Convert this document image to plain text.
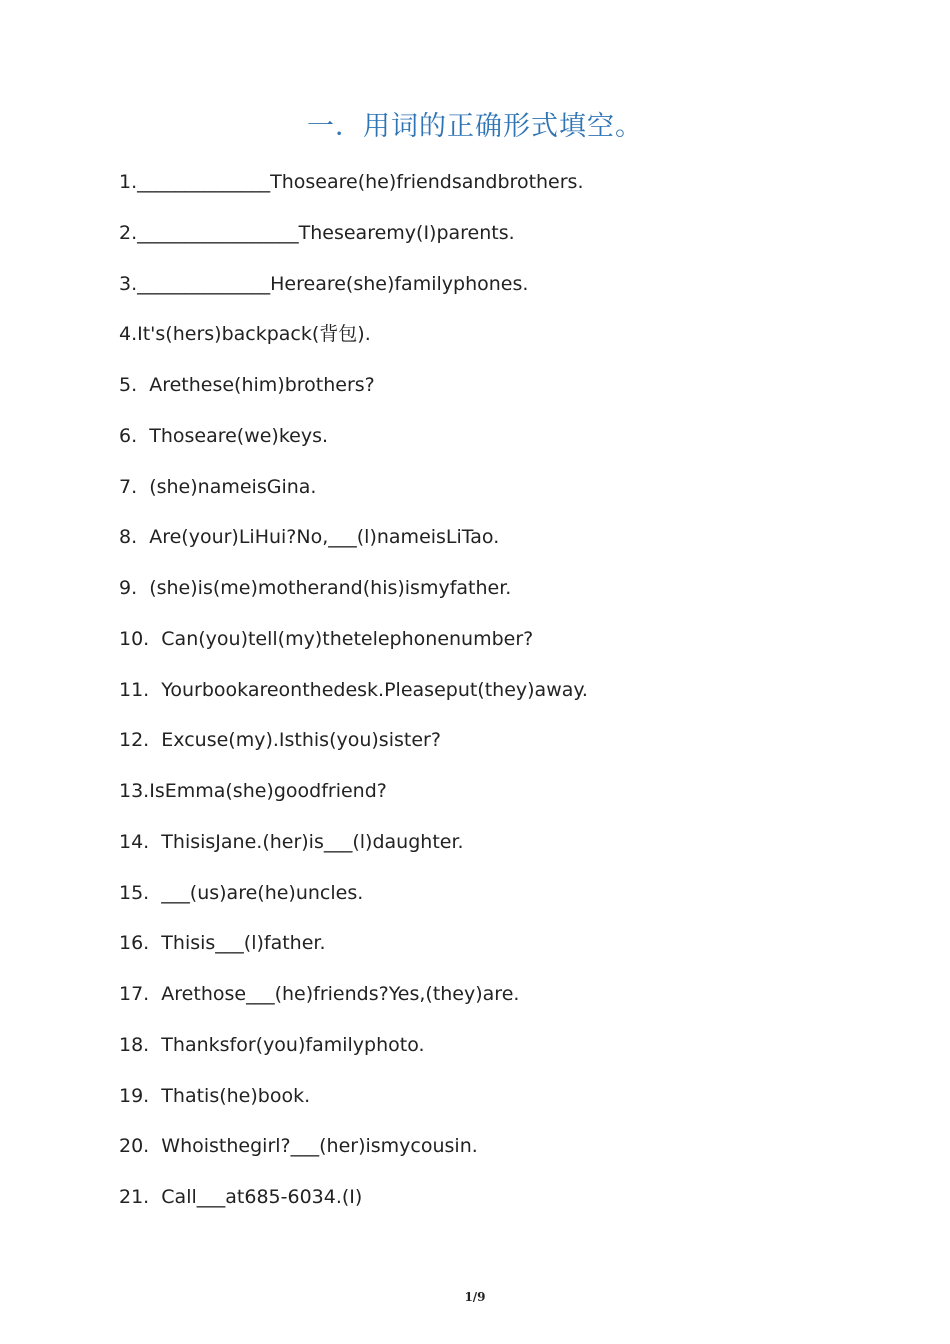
一．用词的正确形式填空。
1.______________Thoseare(he)friendsandbrothers.
2._________________Thesearemy(I)parents.
3.______________Hereare(she)familyphones.
4.It's(hers)backpack(背包).
5.  Arethese(him)brothers?
6.  Thoseare(we)keys.
7.  (she)nameisGina.
8.  Are(your)LiHui?No,___(l)nameisLiTao.
9.  (she)is(me)motherand(his)ismyfather.
10.  Can(you)tell(my)thetelephonenumber?
11.  Yourbookareonthedesk.Pleaseput(they)away.
12.  Excuse(my).Isthis(you)sister?
13.IsEmma(she)goodfriend?
14.  ThisisJane.(her)is___(l)daughter.
15.  ___(us)are(he)uncles.
16.  Thisis___(l)father.
17.  Arethose___(he)friends?Yes,(they)are.
18.  Thanksfor(you)familyphoto.
19.  Thatis(he)book.
20.  Whoisthegirl?___(her)ismycousin.
21.  Call___at685-6034.(I)
1/9
